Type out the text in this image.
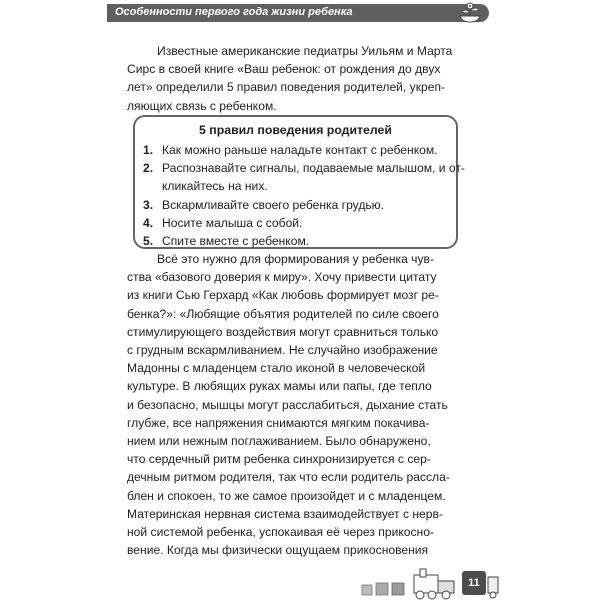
Особенности первого года жизни ребенка

Известные американские педиатры Уильям и Марта
Сирс в своей книге «Ваш ребенок: от рождения до двух
лет» определили 5 правил поведения родителей, укреп-
ляющих связь с ребенком.

5 правил поведения родителей
1. Как можно раньше наладьте контакт с ребенком.
2. Распознавайте сигналы, подаваемые малышом, и от-
кликайтесь на них.
3. Вскармливайте своего ребенка грудью.
4. Носите малыша с собой.
5. Спите вместе с ребенком.

Всё это нужно для формирования у ребенка чув-
ства «базового доверия к миру». Хочу привести цитату
из книги Сью Герхард «Как любовь формирует мозг ре-
бенка?»: «Любящие объятия родителей по силе своего
стимулирующего воздействия могут сравниться только
с грудным вскармливанием. Не случайно изображение
Мадонны с младенцем стало иконой в человеческой
культуре. В любящих руках мамы или папы, где тепло
и безопасно, мышцы могут расслабиться, дыхание стать
глубже, все напряжения снимаются мягким покачива-
нием или нежным поглаживанием. Было обнаружено,
что сердечный ритм ребенка синхронизируется с сер-
дечным ритмом родителя, так что если родитель рассла-
блен и спокоен, то же самое произойдет и с младенцем.
Материнская нервная система взаимодействует с нерв-
ной системой ребенка, успокаивая её через прикосно-
вение. Когда мы физически ощущаем прикосновения

11
